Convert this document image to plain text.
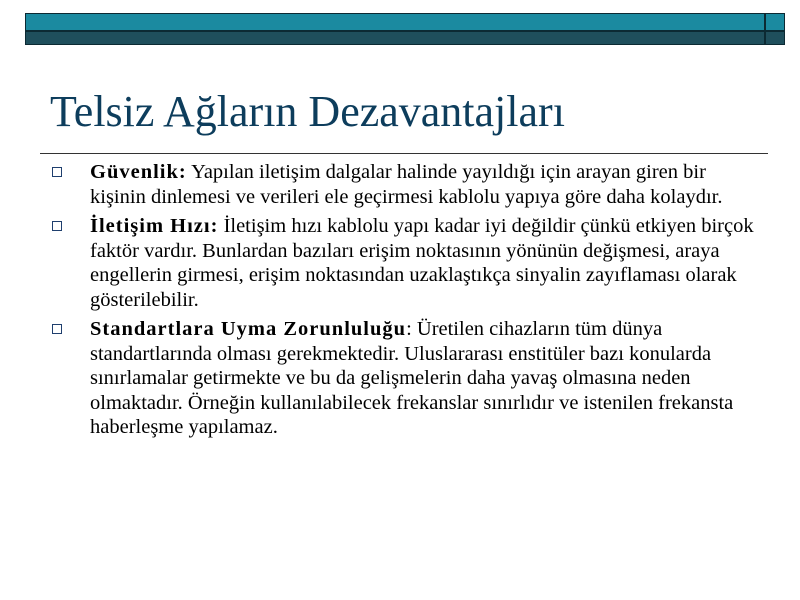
Telsiz Ağların Dezavantajları
Güvenlik: Yapılan iletişim dalgalar halinde yayıldığı için arayan giren bir kişinin dinlemesi ve verileri ele geçirmesi kablolu yapıya göre daha kolaydır.
İletişim Hızı: İletişim hızı kablolu yapı kadar iyi değildir çünkü etkiyen birçok faktör vardır. Bunlardan bazıları erişim noktasının yönünün değişmesi, araya engellerin girmesi, erişim noktasından uzaklaştıkça sinyalin zayıflaması olarak gösterilebilir.
Standartlara Uyma Zorunluluğu: Üretilen cihazların tüm dünya standartlarında olması gerekmektedir. Uluslararası enstitüler bazı konularda sınırlamalar getirmekte ve bu da gelişmelerin daha yavaş olmasına neden olmaktadır. Örneğin kullanılabilecek frekanslar sınırlıdır ve istenilen frekansta haberleşme yapılamaz.
